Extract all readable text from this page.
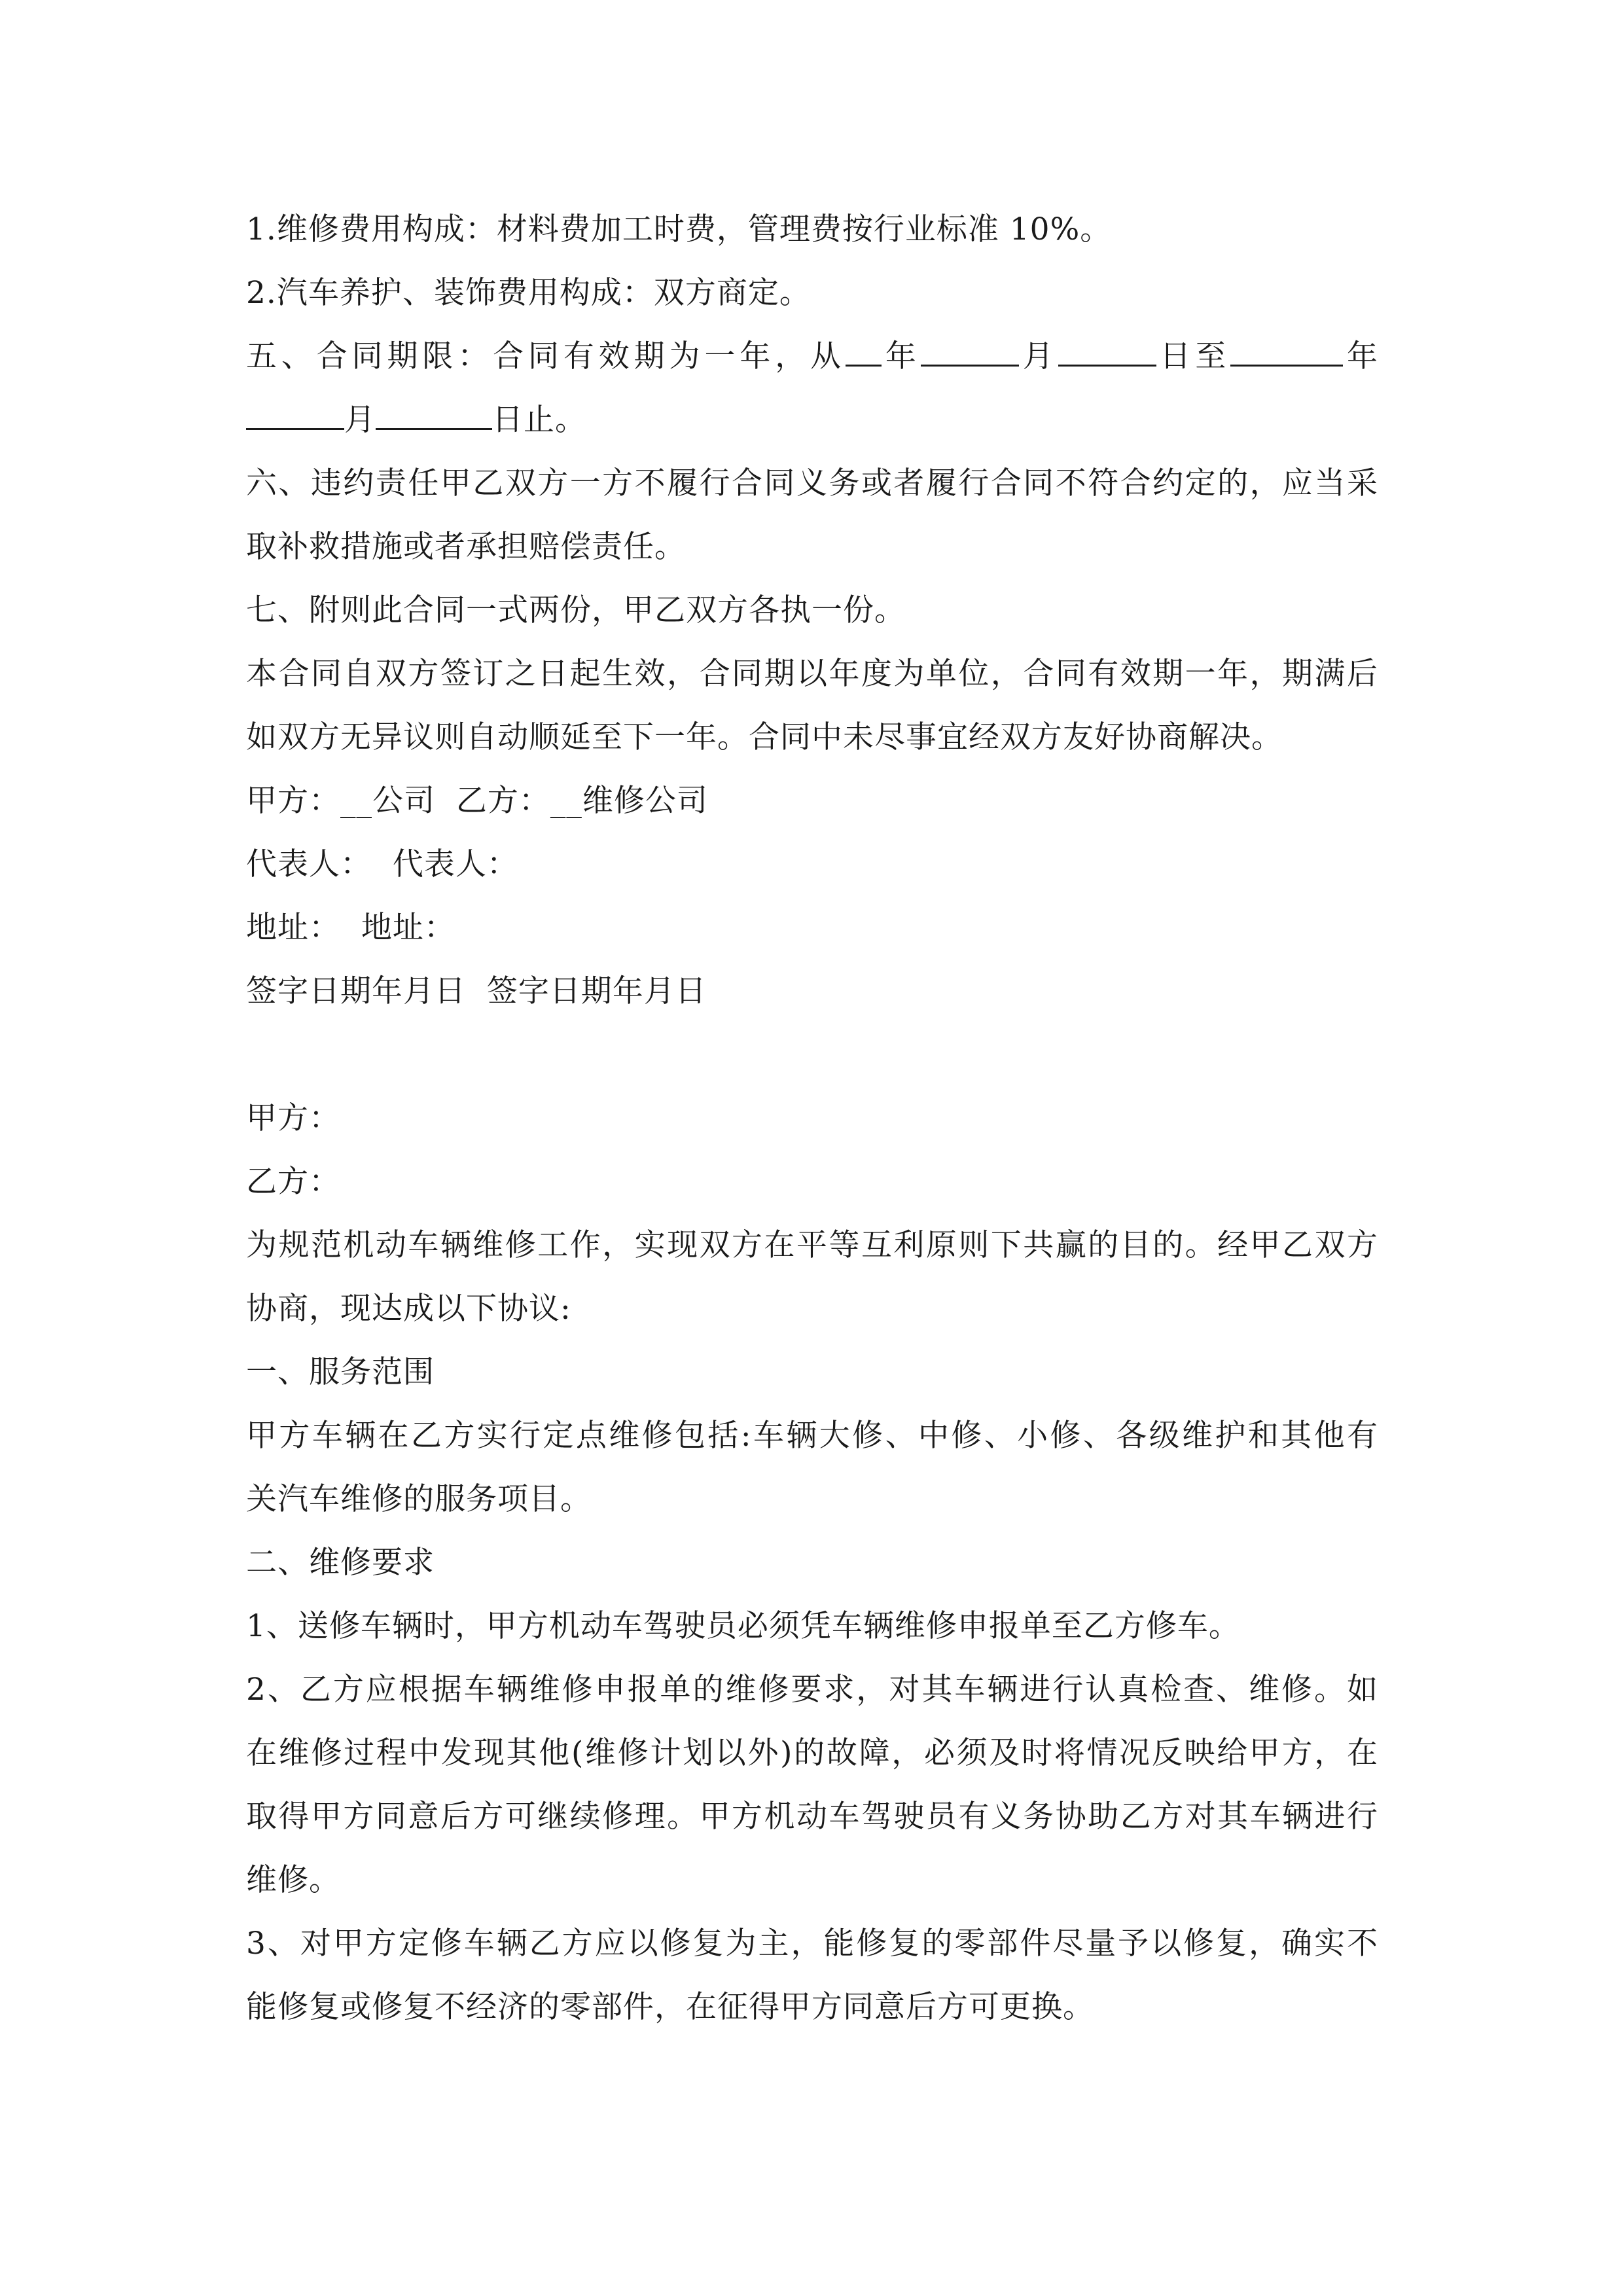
1.维修费用构成：材料费加工时费，管理费按行业标准 10%。
2.汽车养护、装饰费用构成：双方商定。
五、合同期限：合同有效期为一年，从 年	月	日至	年
月	日止。
六、违约责任甲乙双方一方不履行合同义务或者履行合同不符合约定的，应当采
取补救措施或者承担赔偿责任。
七、附则此合同一式两份，甲乙双方各执一份。
本合同自双方签订之日起生效，合同期以年度为单位，合同有效期一年，期满后
如双方无异议则自动顺延至下一年。合同中未尽事宜经双方友好协商解决。
甲方：__公司  乙方：__维修公司
代表人：  代表人：
地址：  地址：
签字日期年月日  签字日期年月日
甲方：
乙方：
为规范机动车辆维修工作，实现双方在平等互利原则下共赢的目的。经甲乙双方
协商，现达成以下协议:
一、服务范围
甲方车辆在乙方实行定点维修包括:车辆大修、中修、小修、各级维护和其他有
关汽车维修的服务项目。
二、维修要求
1、送修车辆时，甲方机动车驾驶员必须凭车辆维修申报单至乙方修车。
2、乙方应根据车辆维修申报单的维修要求，对其车辆进行认真检查、维修。如
在维修过程中发现其他(维修计划以外)的故障，必须及时将情况反映给甲方，在
取得甲方同意后方可继续修理。甲方机动车驾驶员有义务协助乙方对其车辆进行
维修。
3、对甲方定修车辆乙方应以修复为主，能修复的零部件尽量予以修复，确实不
能修复或修复不经济的零部件，在征得甲方同意后方可更换。
